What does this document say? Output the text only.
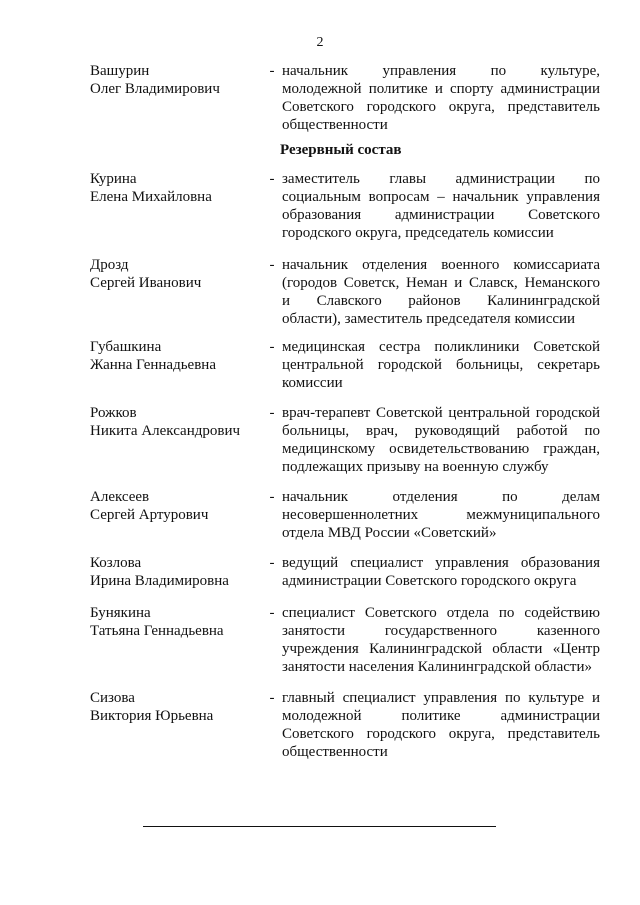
2
Резервный состав
Вашурин
Олег Владимирович
- начальник управления по культуре,
молодежной политике и спорту администрации
Советского городского округа, представитель
общественности
Курина
Елена Михайловна
- заместитель главы администрации по
социальным вопросам – начальник управления
образования администрации Советского
городского округа, председатель комиссии
Дрозд
Сергей Иванович
- начальник отделения военного комиссариата
(городов Советск, Неман и Славск, Неманского
и Славского районов Калининградской
области), заместитель председателя комиссии
Губашкина
Жанна Геннадьевна
- медицинская сестра поликлиники Советской
центральной городской больницы, секретарь
комиссии
Рожков
Никита Александрович
- врач-терапевт Советской центральной городской
больницы, врач, руководящий работой по
медицинскому освидетельствованию граждан,
подлежащих призыву на военную службу
Алексеев
Сергей Артурович
- начальник отделения по делам
несовершеннолетних межмуниципального
отдела МВД России «Советский»
Козлова
Ирина Владимировна
- ведущий специалист управления образования
администрации Советского городского округа
Бунякина
Татьяна Геннадьевна
- специалист Советского отдела по содействию
занятости государственного казенного
учреждения Калининградской области «Центр
занятости населения Калининградской области»
Сизова
Виктория Юрьевна
- главный специалист управления по культуре и
молодежной политике администрации
Советского городского округа, представитель
общественности
